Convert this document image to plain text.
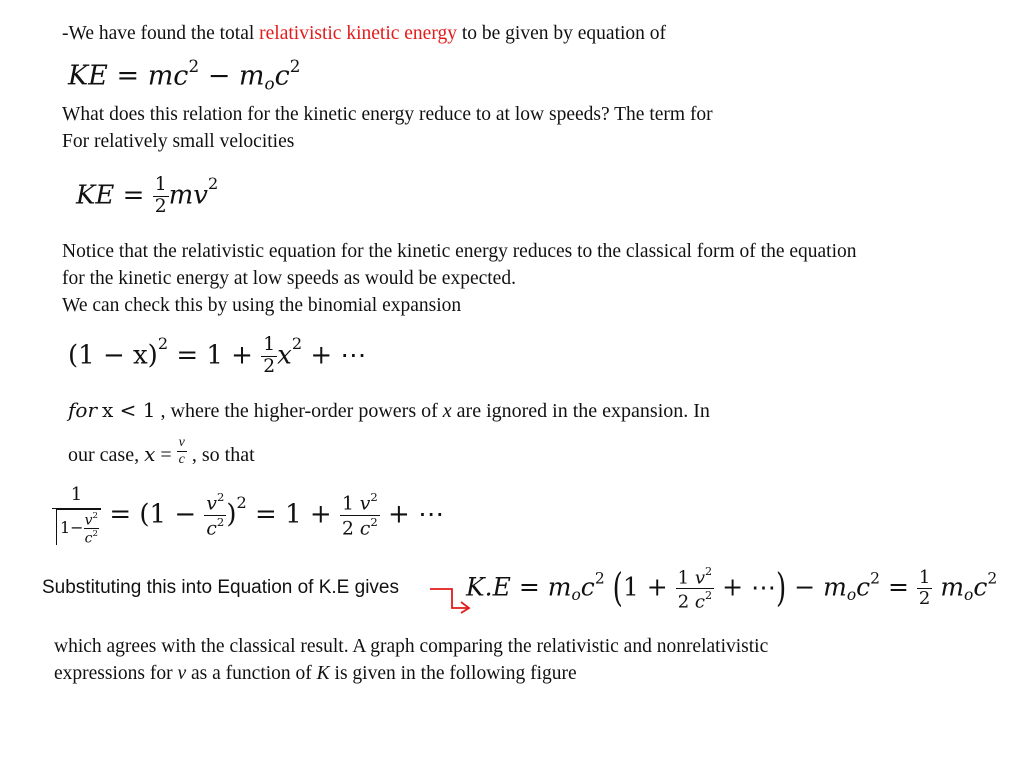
-We have found the total relativistic kinetic energy to be given by equation of
KE = $mc^2 - m_oc^2$
What does this relation for the kinetic energy reduce to at low speeds? The term for
For relatively small velocities
KE = $\frac{1}{2} mv^2$
Notice that the relativistic equation for the kinetic energy reduces to the classical form of the equation
for the kinetic energy at low speeds as would be expected.
We can check this by using the binomial expansion
$(1 - x)^2 = 1 + \frac{1}{2} x^2$ + ⋯
for x < 1 , where the higher-order powers of x are ignored in the expansion. In
our case, $x = \frac{v}{c}$ , so that
$\frac{1}{1- \frac{v^2}{c^2}} = (1 - \frac{v^2}{c^2} )^2 = 1 + \frac{1 v^2}{2 c^2}$ + ⋯
Substituting this into Equation of K.E gives	$K.E = m_oc^2$ ($1 + \frac{1 v^2}{2 c^2}$ + ⋯) − $m_oc^2 = \frac{1}{2} m_oc^2$
which agrees with the classical result. A graph comparing the relativistic and nonrelativistic
expressions for v as a function of K is given in the following figure
